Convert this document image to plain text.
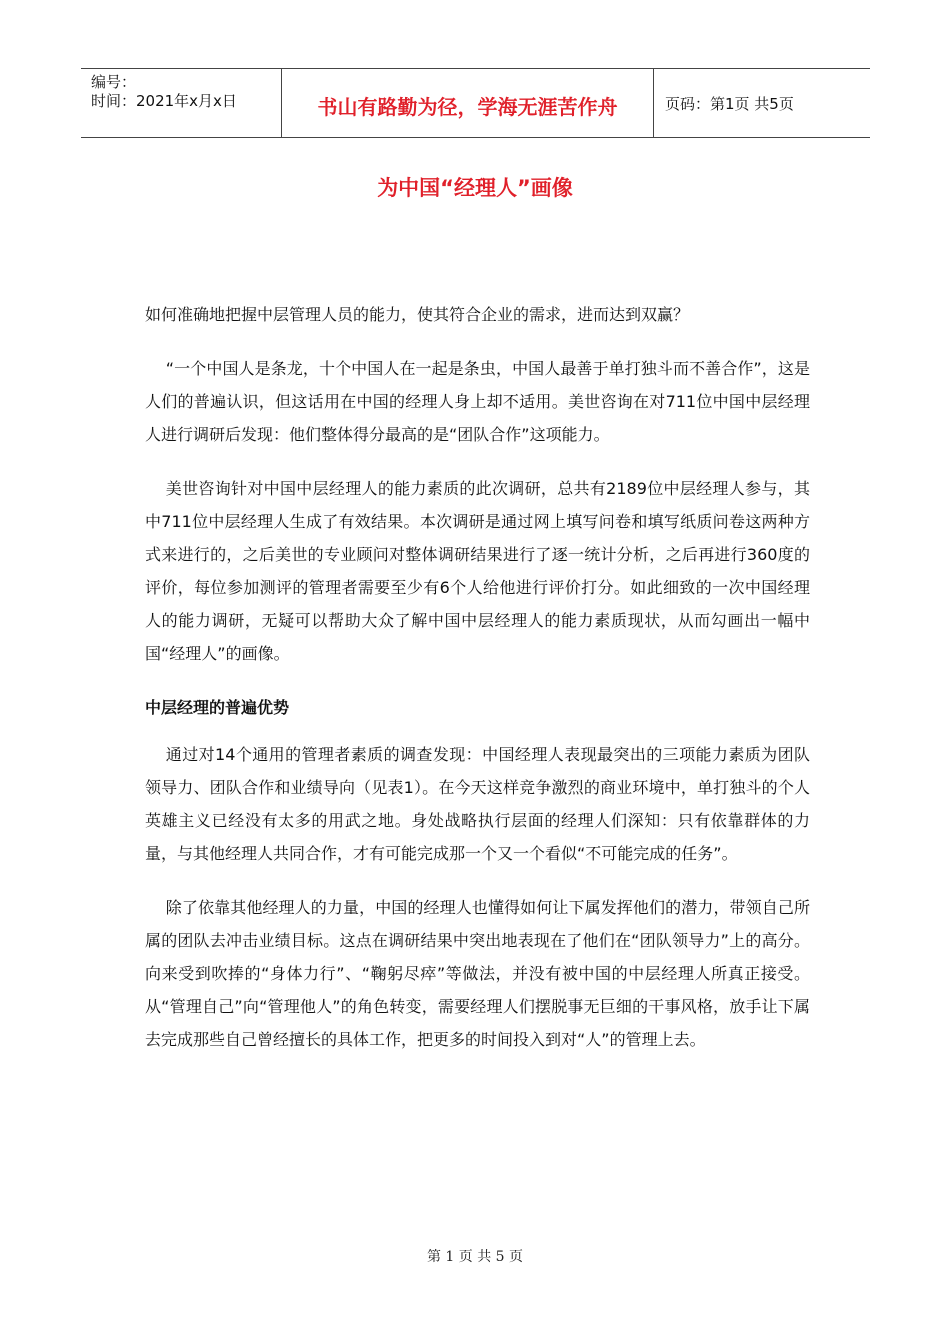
编号：
时间：2021年x月x日	书山有路勤为径，学海无涯苦作舟	页码：第1页 共5页
为中国“经理人”画像

如何准确地把握中层管理人员的能力，使其符合企业的需求，进而达到双赢？

“一个中国人是条龙，十个中国人在一起是条虫，中国人最善于单打独斗而不善合作”，这是人们的普遍认识，但这话用在中国的经理人身上却不适用。美世咨询在对711位中国中层经理人进行调研后发现：他们整体得分最高的是“团队合作”这项能力。

美世咨询针对中国中层经理人的能力素质的此次调研，总共有2189位中层经理人参与，其中711位中层经理人生成了有效结果。本次调研是通过网上填写问卷和填写纸质问卷这两种方式来进行的，之后美世的专业顾问对整体调研结果进行了逐一统计分析，之后再进行360度的评价，每位参加测评的管理者需要至少有6个人给他进行评价打分。如此细致的一次中国经理人的能力调研，无疑可以帮助大众了解中国中层经理人的能力素质现状，从而勾画出一幅中国“经理人”的画像。

中层经理的普遍优势

通过对14个通用的管理者素质的调查发现：中国经理人表现最突出的三项能力素质为团队领导力、团队合作和业绩导向（见表1）。在今天这样竞争激烈的商业环境中，单打独斗的个人英雄主义已经没有太多的用武之地。身处战略执行层面的经理人们深知：只有依靠群体的力量，与其他经理人共同合作，才有可能完成那一个又一个看似“不可能完成的任务”。

除了依靠其他经理人的力量，中国的经理人也懂得如何让下属发挥他们的潜力，带领自己所属的团队去冲击业绩目标。这点在调研结果中突出地表现在了他们在“团队领导力”上的高分。向来受到吹捧的“身体力行”、“鞠躬尽瘁”等做法，并没有被中国的中层经理人所真正接受。从“管理自己”向“管理他人”的角色转变，需要经理人们摆脱事无巨细的干事风格，放手让下属去完成那些自己曾经擅长的具体工作，把更多的时间投入到对“人”的管理上去。

第 1 页 共 5 页
